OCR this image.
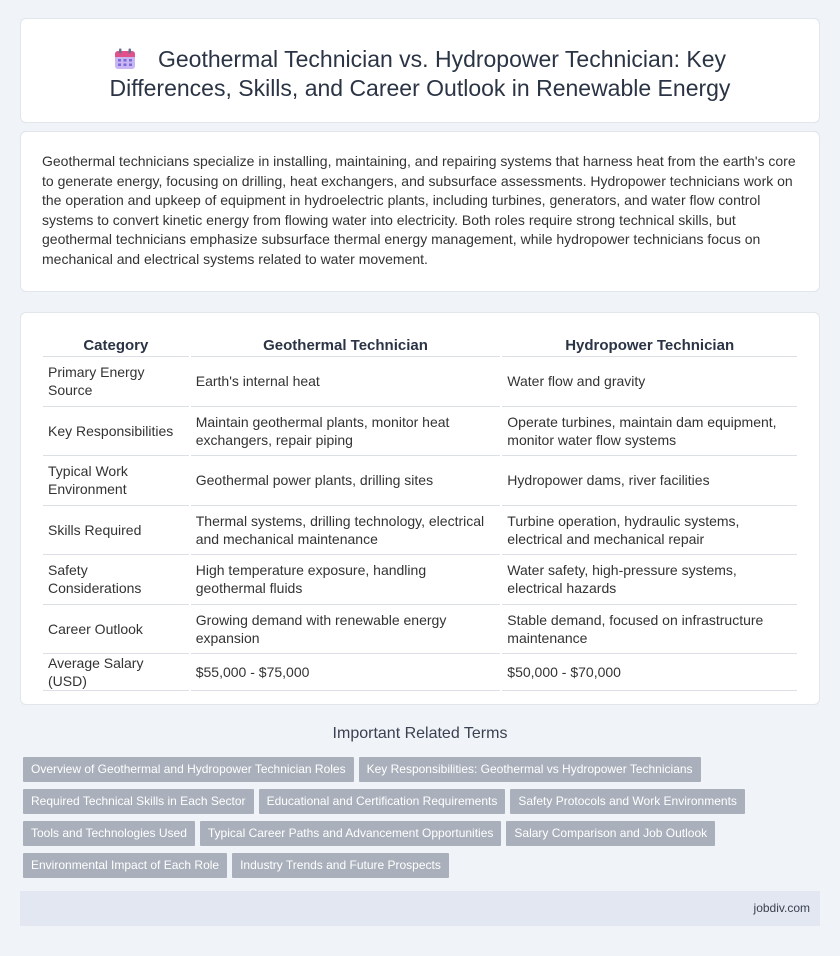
Geothermal Technician vs. Hydropower Technician: Key Differences, Skills, and Career Outlook in Renewable Energy

Geothermal technicians specialize in installing, maintaining, and repairing systems that harness heat from the earth's core to generate energy, focusing on drilling, heat exchangers, and subsurface assessments. Hydropower technicians work on the operation and upkeep of equipment in hydroelectric plants, including turbines, generators, and water flow control systems to convert kinetic energy from flowing water into electricity. Both roles require strong technical skills, but geothermal technicians emphasize subsurface thermal energy management, while hydropower technicians focus on mechanical and electrical systems related to water movement.

Category	Geothermal Technician	Hydropower Technician
Primary Energy Source	Earth's internal heat	Water flow and gravity
Key Responsibilities	Maintain geothermal plants, monitor heat exchangers, repair piping	Operate turbines, maintain dam equipment, monitor water flow systems
Typical Work Environment	Geothermal power plants, drilling sites	Hydropower dams, river facilities
Skills Required	Thermal systems, drilling technology, electrical and mechanical maintenance	Turbine operation, hydraulic systems, electrical and mechanical repair
Safety Considerations	High temperature exposure, handling geothermal fluids	Water safety, high-pressure systems, electrical hazards
Career Outlook	Growing demand with renewable energy expansion	Stable demand, focused on infrastructure maintenance
Average Salary (USD)	$55,000 - $75,000	$50,000 - $70,000
Important Related Terms
Overview of Geothermal and Hydropower Technician Roles Key Responsibilities: Geothermal vs Hydropower Technicians
Required Technical Skills in Each Sector Educational and Certification Requirements Safety Protocols and Work Environments
Tools and Technologies Used Typical Career Paths and Advancement Opportunities Salary Comparison and Job Outlook
Environmental Impact of Each Role Industry Trends and Future Prospects
jobdiv.com
